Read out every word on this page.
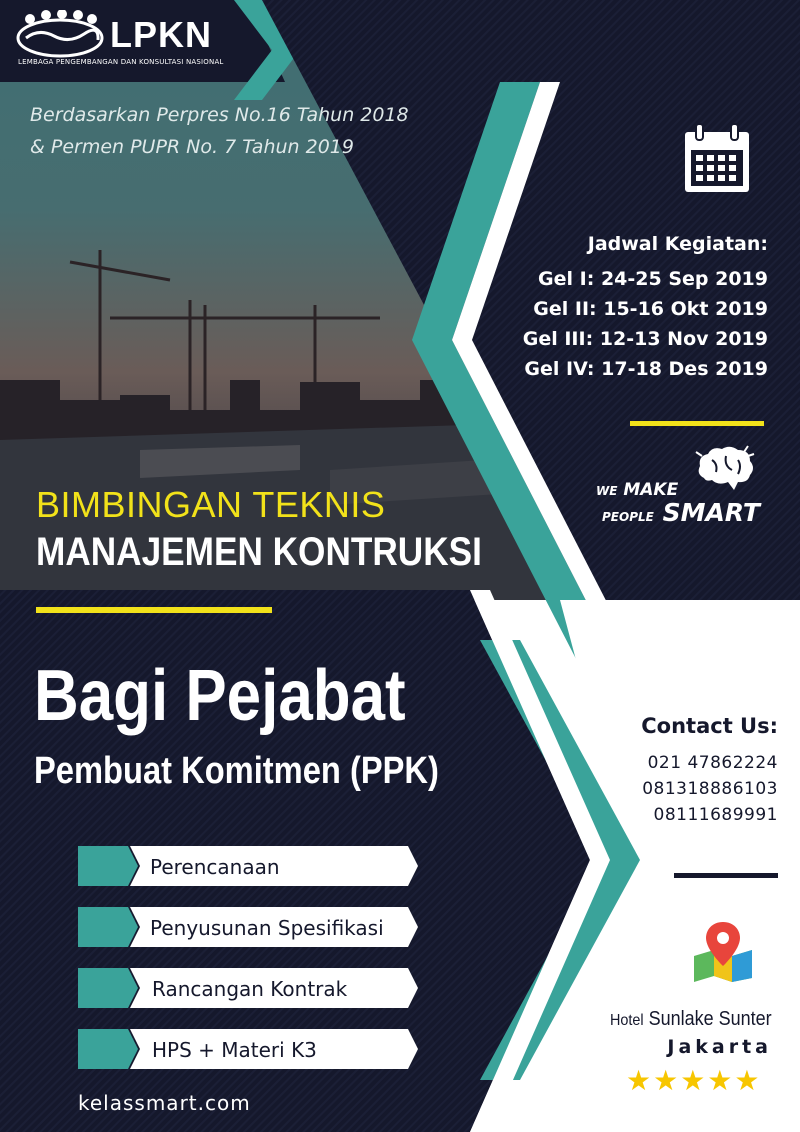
LPKN
LEMBAGA PENGEMBANGAN DAN KONSULTASI NASIONAL
Berdasarkan Perpres No.16 Tahun 2018
& Permen PUPR No. 7 Tahun 2019
Jadwal Kegiatan:
Gel I: 24-25 Sep 2019
Gel II: 15-16 Okt 2019
Gel III: 12-13 Nov 2019
Gel IV: 17-18 Des 2019
WE MAKE
PEOPLE SMART
BIMBINGAN TEKNIS
MANAJEMEN KONTRUKSI
Bagi Pejabat
Pembuat Komitmen (PPK)
Perencanaan
Penyusunan Spesifikasi
Rancangan Kontrak
HPS + Materi K3
Contact Us:
021 47862224
081318886103
08111689991
Hotel Sunlake Sunter
Jakarta
★★★★★
kelassmart.com
